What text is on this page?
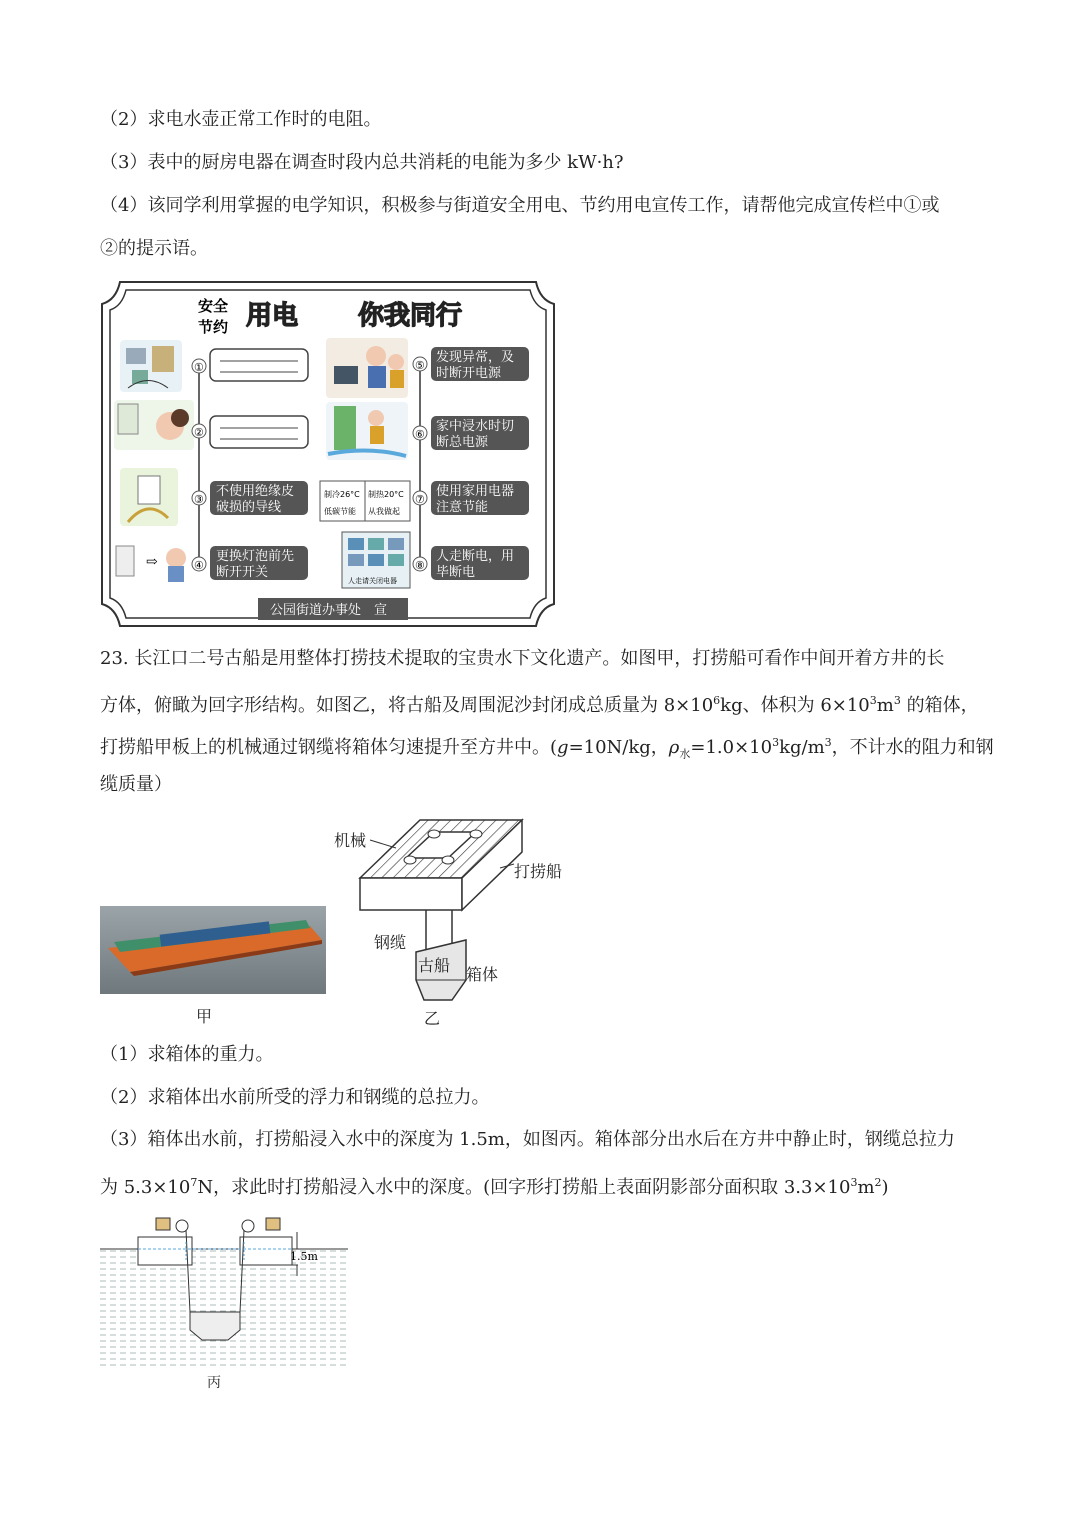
（2）求电水壶正常工作时的电阻。
（3）表中的厨房电器在调查时段内总共消耗的电能为多少 kW·h?
（4）该同学利用掌握的电学知识，积极参与街道安全用电、节约用电宣传工作，请帮他完成宣传栏中①或
②的提示语。
安全
节约 用电 你我同行
⇨
①
②
③
不使用绝缘皮
破损的导线
④
更换灯泡前先
断开开关
制冷26°C 制热20°C
低碳节能 从我做起
人走请关闭电器
⑤
发现异常，及
时断开电源
⑥
家中浸水时切
断总电源
⑦
使用家用电器
注意节能
⑧
人走断电，用
毕断电
公园街道办事处　宣
23. 长江口二号古船是用整体打捞技术提取的宝贵水下文化遗产。如图甲，打捞船可看作中间开着方井的长
方体，俯瞰为回字形结构。如图乙，将古船及周围泥沙封闭成总质量为 $8\times 10^6kg$、体积为 $6\times 10^3m^3$ 的箱体，
打捞船甲板上的机械通过钢缆将箱体匀速提升至方井中。(g=10N/kg，$\rho_水=1.0\times 10^3kg/m^3$，不计水的阻力和钢
缆质量）
甲
机械
打捞船
钢缆
古船 箱体
乙
（1）求箱体的重力。
（2）求箱体出水前所受的浮力和钢缆的总拉力。
（3）箱体出水前，打捞船浸入水中的深度为 1.5m，如图丙。箱体部分出水后在方井中静止时，钢缆总拉力
为 $5.3\times 10^7N$，求此时打捞船浸入水中的深度。(回字形打捞船上表面阴影部分面积取 $3.3\times 10^3m^2$)
1.5m
丙
